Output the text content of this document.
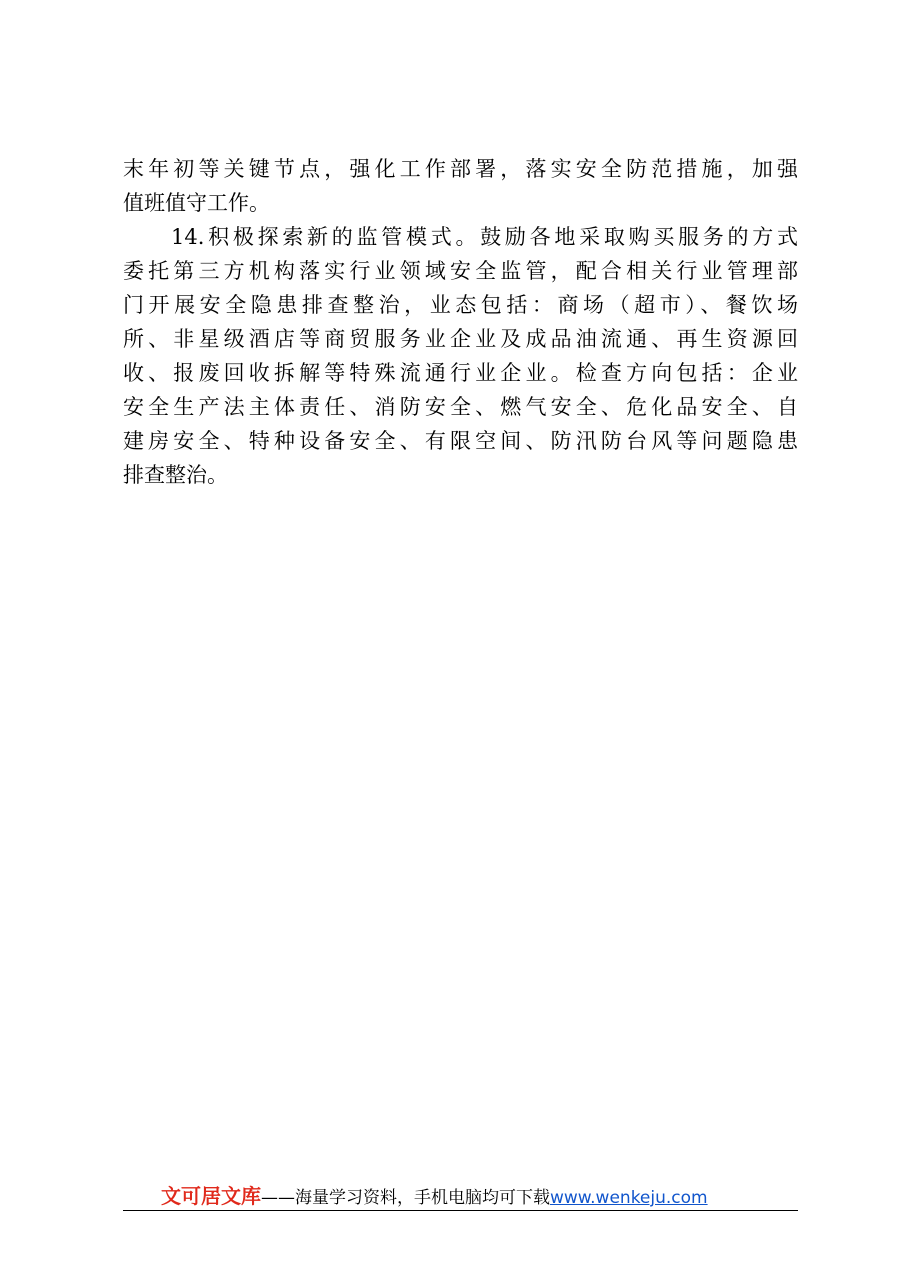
末年初等关键节点，强化工作部署，落实安全防范措施，加强
值班值守工作。
14.积极探索新的监管模式。鼓励各地采取购买服务的方式
委托第三方机构落实行业领域安全监管，配合相关行业管理部
门开展安全隐患排查整治，业态包括：商场（超市）、餐饮场
所、非星级酒店等商贸服务业企业及成品油流通、再生资源回
收、报废回收拆解等特殊流通行业企业。检查方向包括：企业
安全生产法主体责任、消防安全、燃气安全、危化品安全、自
建房安全、特种设备安全、有限空间、防汛防台风等问题隐患
排查整治。
文可居文库——海量学习资料，手机电脑均可下载www.wenkeju.com
